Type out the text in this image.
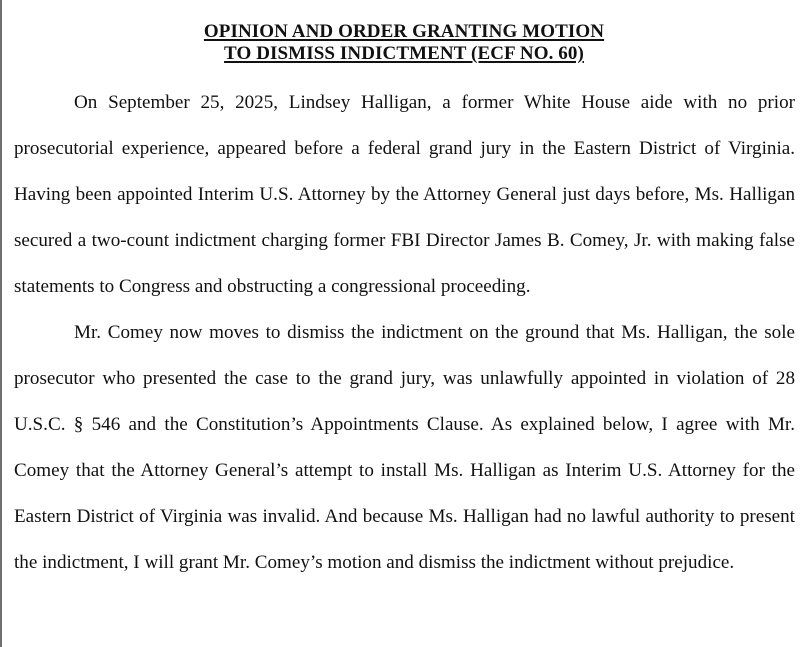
OPINION AND ORDER GRANTING MOTION
TO DISMISS INDICTMENT (ECF NO. 60)

On September 25, 2025, Lindsey Halligan, a former White House aide with no prior prosecutorial experience, appeared before a federal grand jury in the Eastern District of Virginia. Having been appointed Interim U.S. Attorney by the Attorney General just days before, Ms. Halligan secured a two-count indictment charging former FBI Director James B. Comey, Jr. with making false statements to Congress and obstructing a congressional proceeding.

Mr. Comey now moves to dismiss the indictment on the ground that Ms. Halligan, the sole prosecutor who presented the case to the grand jury, was unlawfully appointed in violation of 28 U.S.C. § 546 and the Constitution’s Appointments Clause. As explained below, I agree with Mr. Comey that the Attorney General’s attempt to install Ms. Halligan as Interim U.S. Attorney for the Eastern District of Virginia was invalid. And because Ms. Halligan had no lawful authority to present the indictment, I will grant Mr. Comey’s motion and dismiss the indictment without prejudice.
